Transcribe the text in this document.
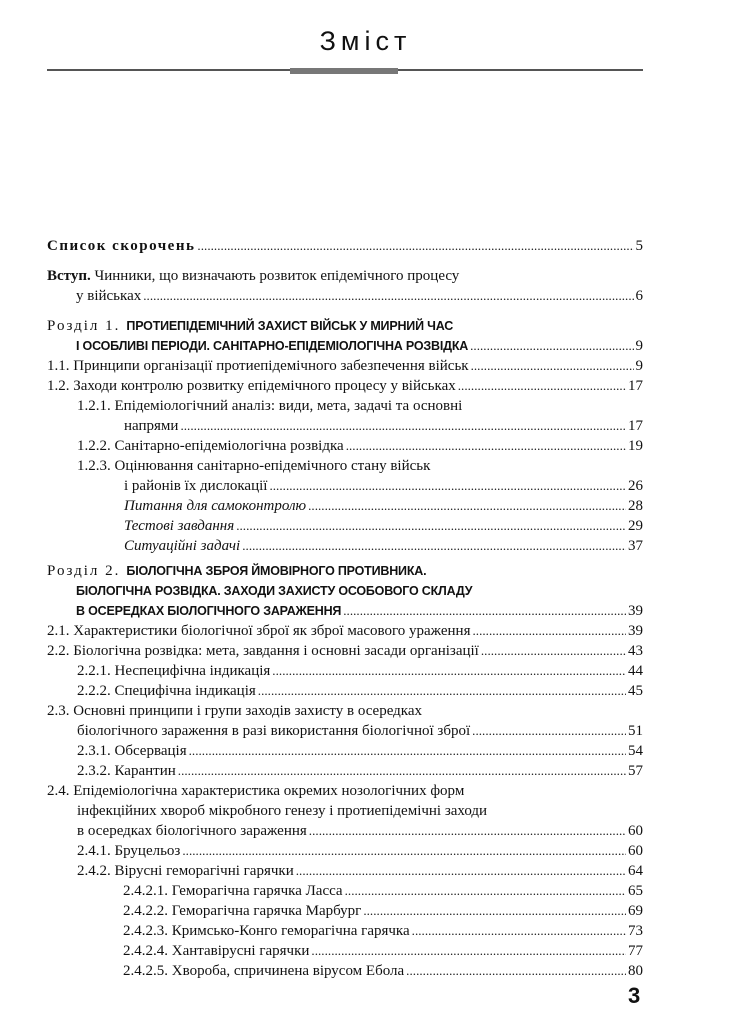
Зміст
Список скорочень . . .	5
Вступ. Чинники, що визначають розвиток епідемічного процесу
у військах . . .	6
Розділ 1. ПРОТИЕПІДЕМІЧНИЙ ЗАХИСТ ВІЙСЬК У МИРНИЙ ЧАС
І ОСОБЛИВІ ПЕРІОДИ. САНІТАРНО-ЕПІДЕМІОЛОГІЧНА РОЗВІДКА . . .	9
1.1. Принципи організації протиепідемічного забезпечення військ . . .	9
1.2. Заходи контролю розвитку епідемічного процесу у військах . . .	17
1.2.1. Епідеміологічний аналіз: види, мета, задачі та основні
напрями . . .	17
1.2.2. Санітарно-епідеміологічна розвідка . . .	19
1.2.3. Оцінювання санітарно-епідемічного стану військ
і районів їх дислокації . . .	26
Питання для самоконтролю . . .	28
Тестові завдання . . .	29
Ситуаційні задачі . . .	37
Розділ 2. БІОЛОГІЧНА ЗБРОЯ ЙМОВІРНОГО ПРОТИВНИКА.
БІОЛОГІЧНА РОЗВІДКА. ЗАХОДИ ЗАХИСТУ ОСОБОВОГО СКЛАДУ
В ОСЕРЕДКАХ БІОЛОГІЧНОГО ЗАРАЖЕННЯ . . .	39
2.1. Характеристики біологічної зброї як зброї масового ураження . . .	39
2.2. Біологічна розвідка: мета, завдання і основні засади організації . . .	43
2.2.1. Неспецифічна індикація . . .	44
2.2.2. Специфічна індикація . . .	45
2.3. Основні принципи і групи заходів захисту в осередках
біологічного зараження в разі використання біологічної зброї . . .	51
2.3.1. Обсервація . . .	54
2.3.2. Карантин . . .	57
2.4. Епідеміологічна характеристика окремих нозологічних форм
інфекційних хвороб мікробного генезу і протиепідемічні заходи
в осередках біологічного зараження . . .	60
2.4.1. Бруцельоз . . .	60
2.4.2. Вірусні геморагічні гарячки . . .	64
2.4.2.1. Геморагічна гарячка Ласса . . .	65
2.4.2.2. Геморагічна гарячка Марбург . . .	69
2.4.2.3. Кримсько-Конго геморагічна гарячка . . .	73
2.4.2.4. Хантавірусні гарячки . . .	77
2.4.2.5. Хвороба, спричинена вірусом Ебола . . .	80
3
